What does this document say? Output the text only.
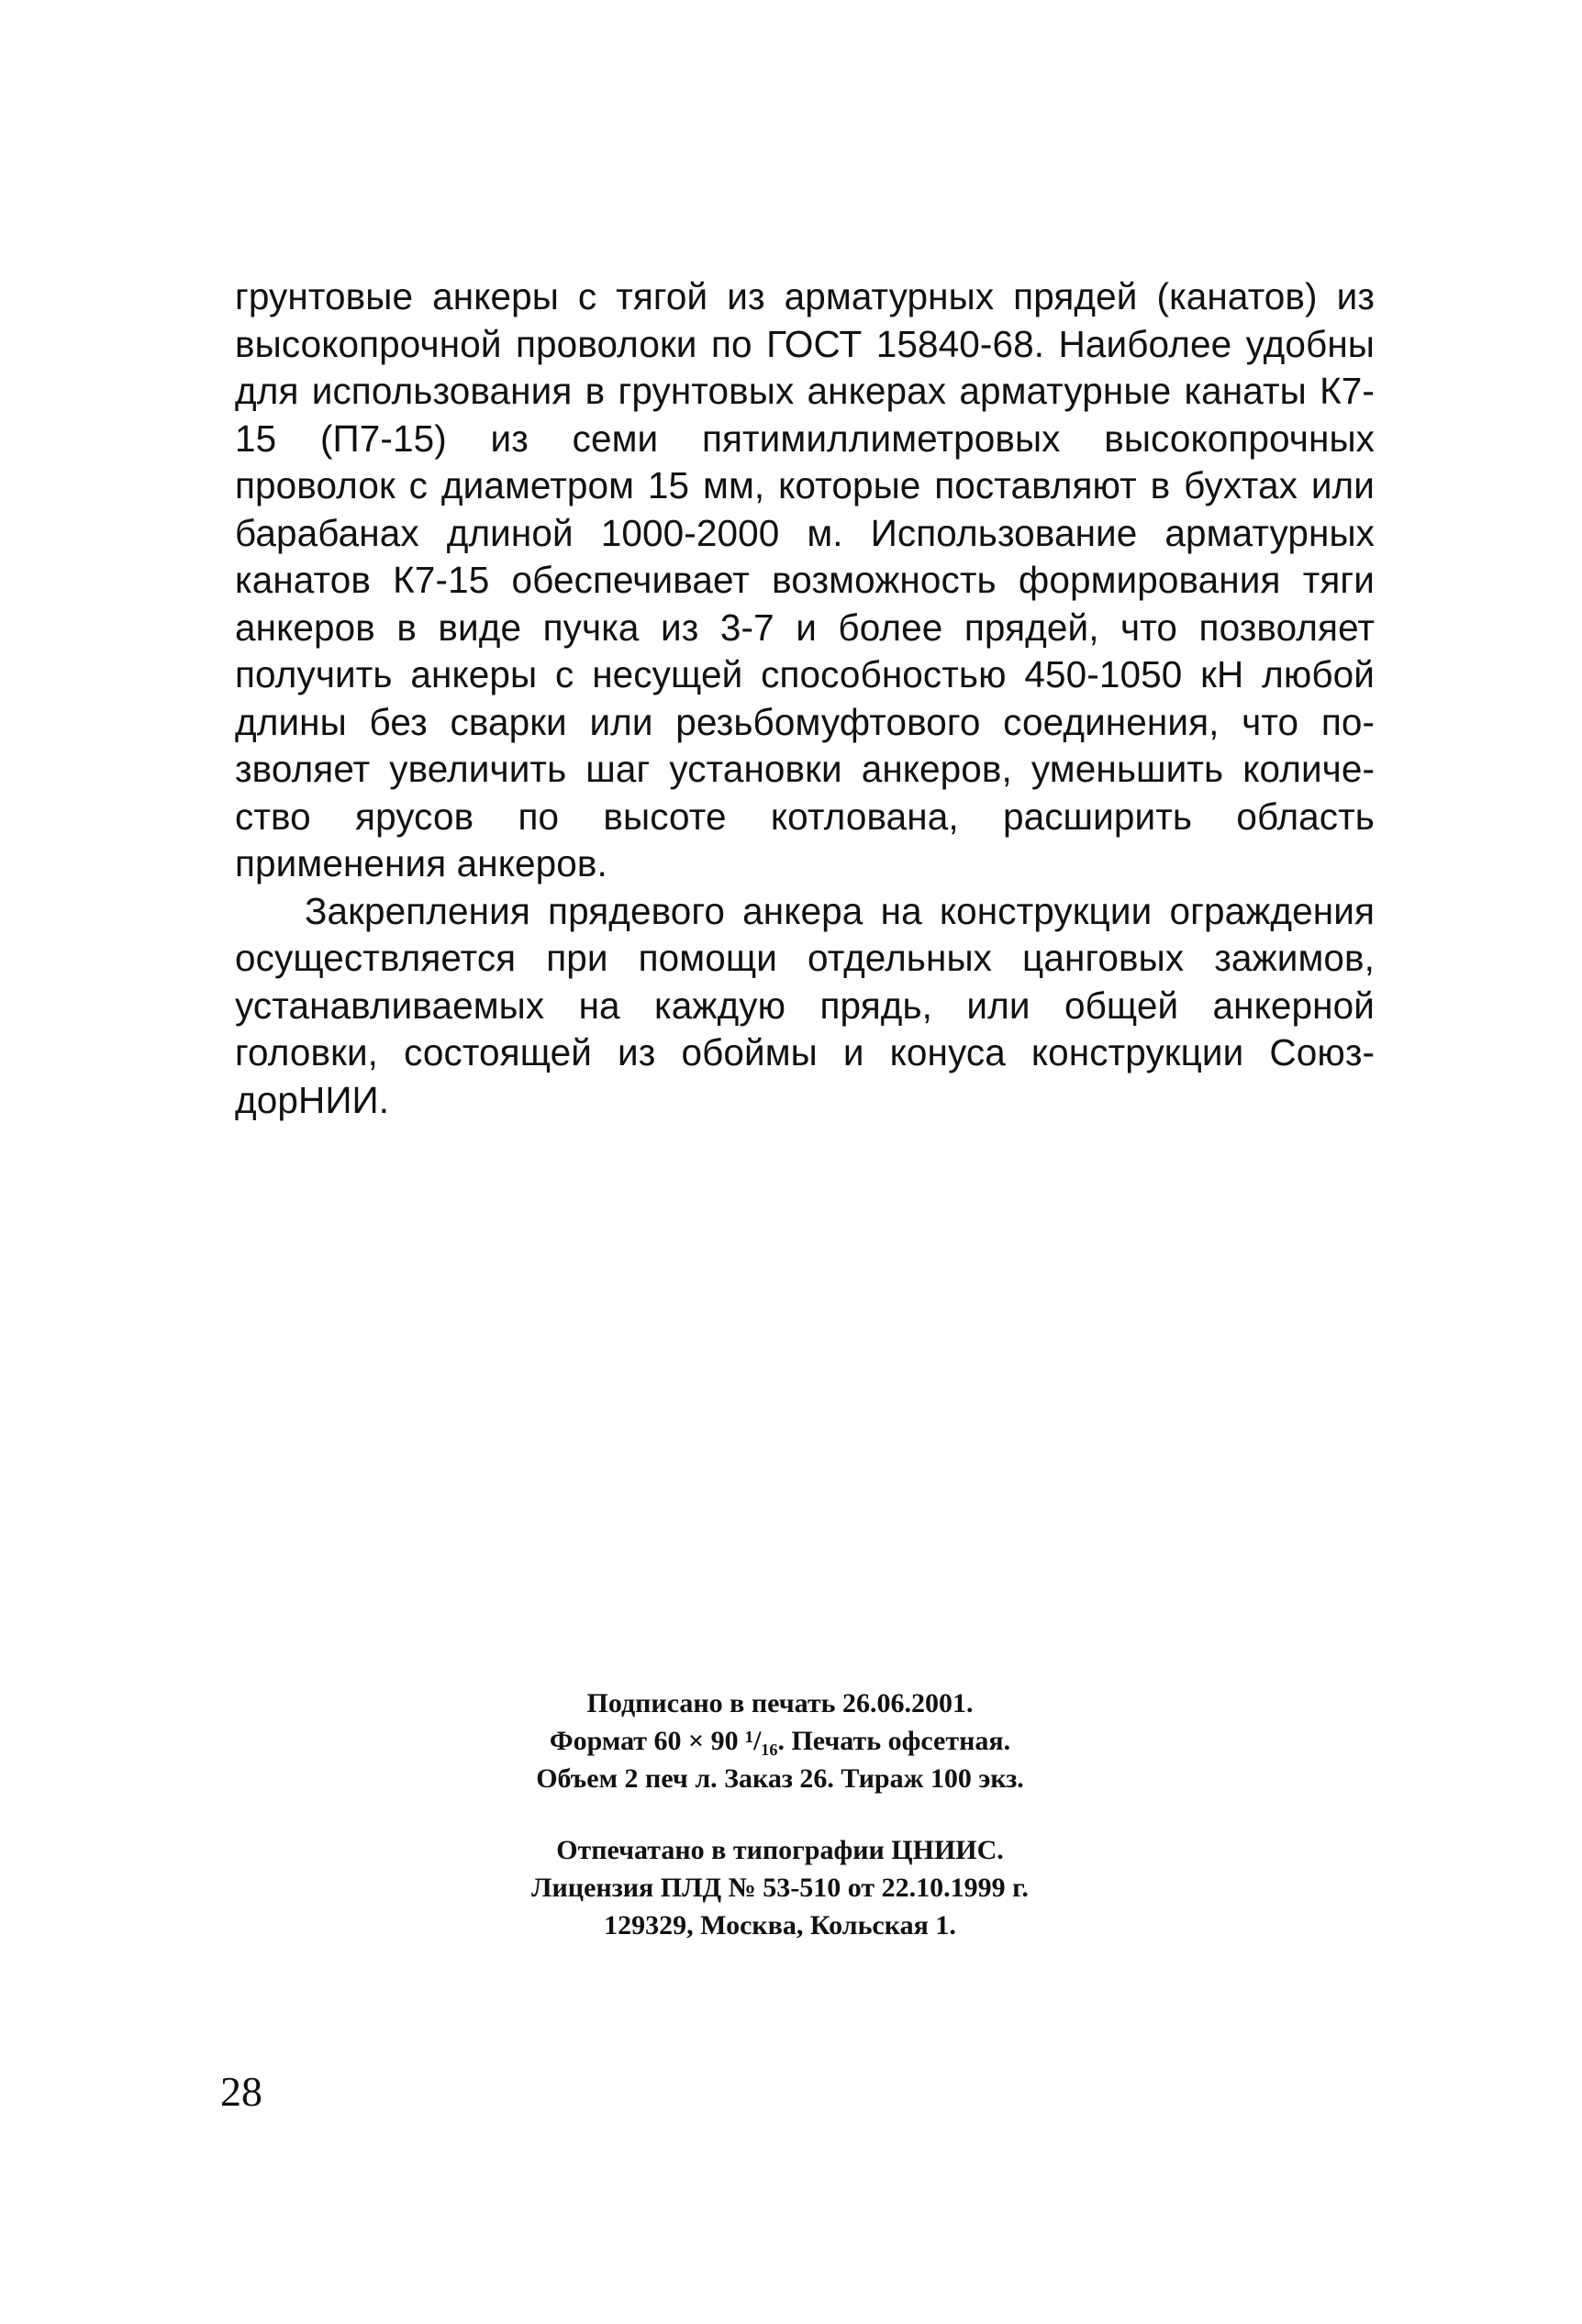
грунтовые анкеры с тягой из арматурных прядей (канатов) из высокопрочной проволоки по ГОСТ 15840-68. Наиболее удобны для использования в грунтовых анкерах арматурные канаты К7-15 (П7-15) из семи пятимиллиметровых высокопрочных проволок с диаметром 15 мм, которые поставляют в бухтах или барабанах длиной 1000-2000 м. Использование арматурных канатов К7-15 обеспечивает возможность формирования тяги анкеров в виде пучка из 3-7 и более прядей, что позволяет получить анкеры с несущей способностью 450-1050 кН любой длины без сварки или резьбомуфтового соединения, что позволяет увеличить шаг установки анкеров, уменьшить количество ярусов по высоте котлована, расширить область применения анкеров.

Закрепления прядевого анкера на конструкции ограждения осуществляется при помощи отдельных цанговых зажимов, устанавливаемых на каждую прядь, или общей анкерной головки, состоящей из обоймы и конуса конструкции СоюздорНИИ.

Подписано в печать 26.06.2001.
Формат 60 × 90 ¹/₁₆. Печать офсетная.
Объем 2 печ л. Заказ 26. Тираж 100 экз.
Отпечатано в типографии ЦНИИС.
Лицензия ПЛД № 53-510 от 22.10.1999 г.
129329, Москва, Кольская 1.
28
